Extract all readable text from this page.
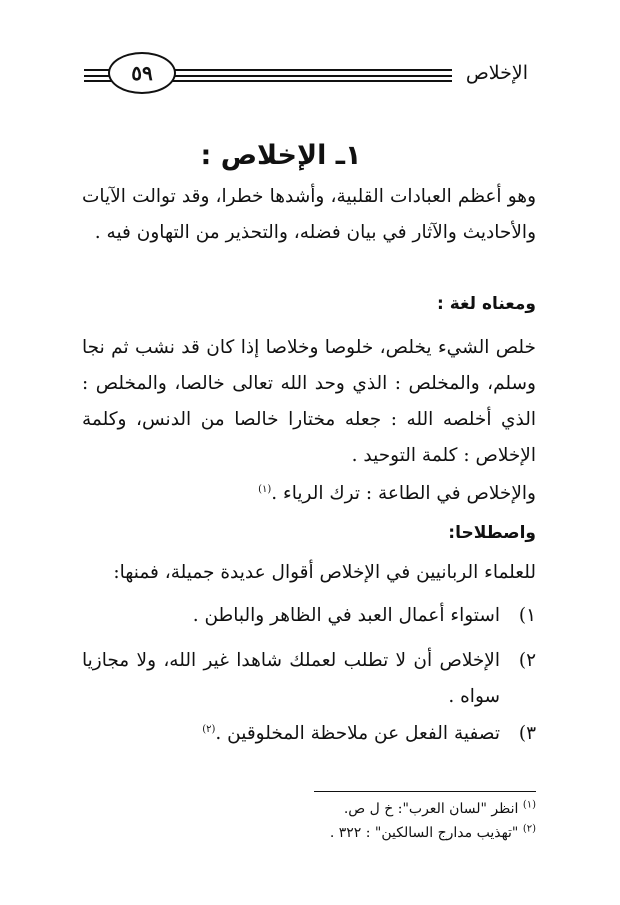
الإخلاص
٥٩
١ـ الإخلاص :
وهو أعظم العبادات القلبية، وأشدها خطرا، وقد توالت الآيات والأحاديث والآثار في بيان فضله، والتحذير من التهاون فيه .
ومعناه لغة :
خلص الشيء يخلص، خلوصا وخلاصا إذا كان قد نشب ثم نجا وسلم، والمخلص : الذي وحد الله تعالى خالصا، والمخلص : الذي أخلصه الله : جعله مختارا خالصا من الدنس، وكلمة الإخلاص : كلمة التوحيد .
والإخلاص في الطاعة : ترك الرياء .$^{(١)}$
واصطلاحا:
للعلماء الربانيين في الإخلاص أقوال عديدة جميلة، فمنها:
١)
استواء أعمال العبد في الظاهر والباطن .
٢)
الإخلاص أن لا تطلب لعملك شاهدا غير الله، ولا مجازيا سواه .
٣)
تصفية الفعل عن ملاحظة المخلوقين .$^{(٢)}$
$^{(١)}$ انظر "لسان العرب": خ ل ص.
$^{(٢)}$ "تهذيب مدارج السالكين" : ٣٢٢ .
